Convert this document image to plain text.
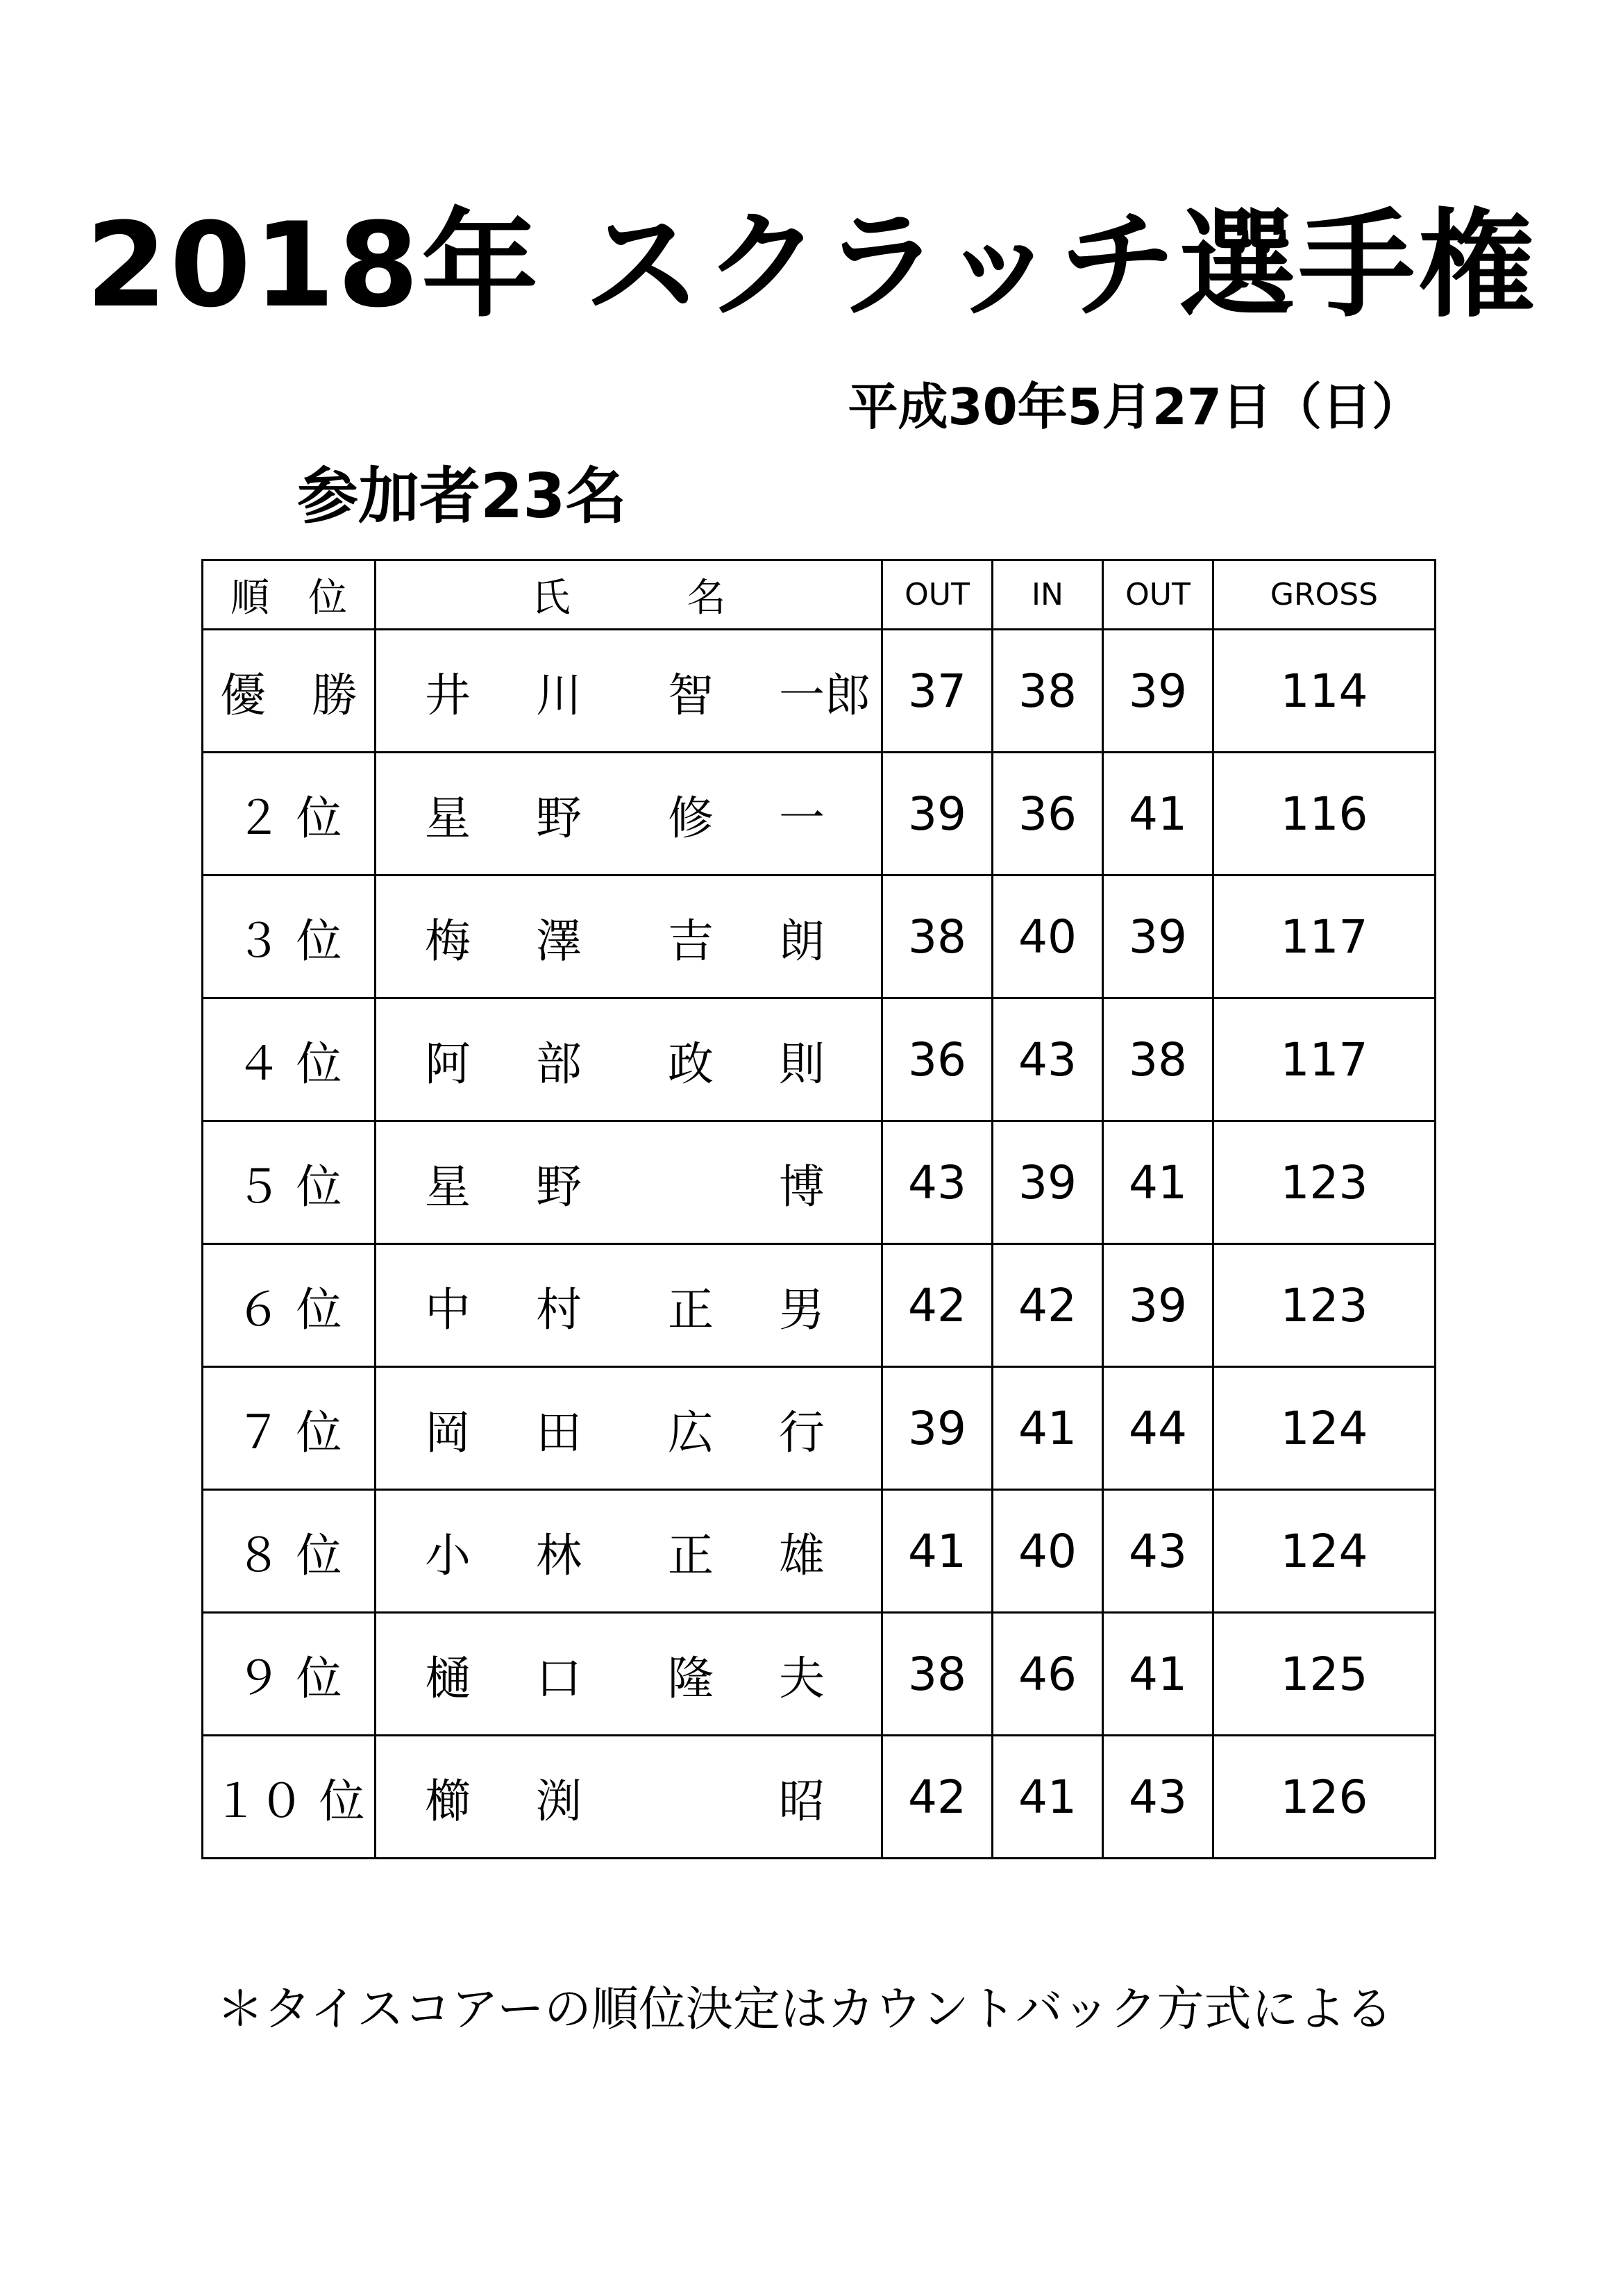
2018年 スクラッチ選手権
平成30年5月27日（日）
参加者23名
順　位	氏　　　名	OUT	IN	OUT	GROSS
優　勝	井 川 智 一郎	37	38	39	114
２ 位	星 野 修 一	39	36	41	116
３ 位	梅 澤 吉 朗	38	40	39	117
４ 位	阿 部 政 則	36	43	38	117
５ 位	星 野 博	43	39	41	123
６ 位	中 村 正 男	42	42	39	123
７ 位	岡 田 広 行	39	41	44	124
８ 位	小 林 正 雄	41	40	43	124
９ 位	樋 口 隆 夫	38	46	41	125
１０ 位	櫛 渕 昭	42	41	43	126
＊タイスコアーの順位決定はカウントバック方式による
